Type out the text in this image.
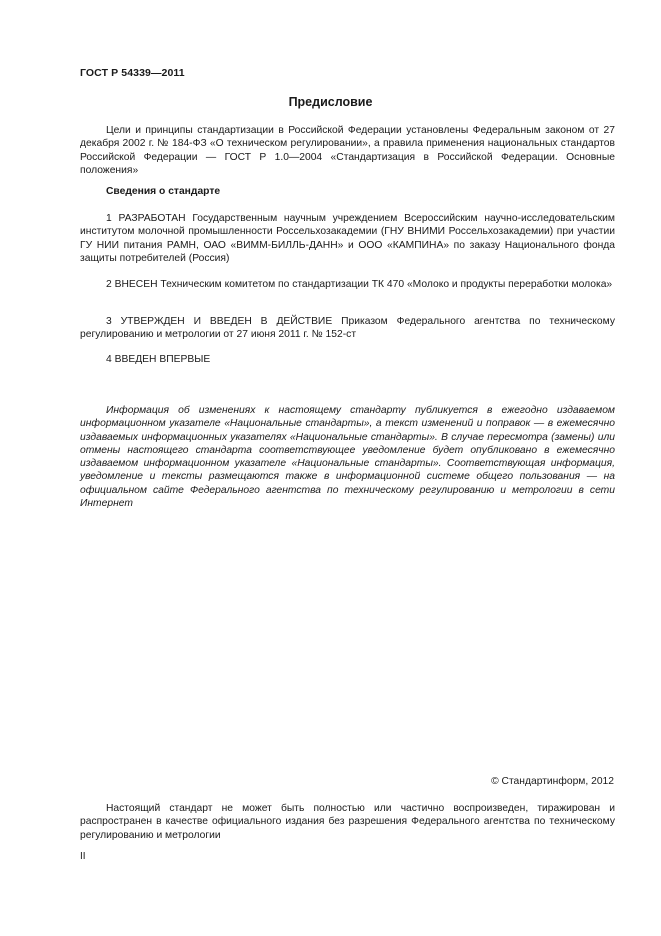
ГОСТ Р 54339—2011
Предисловие

Цели и принципы стандартизации в Российской Федерации установлены Федеральным законом от 27 декабря 2002 г. № 184-ФЗ «О техническом регулировании», а правила применения национальных стандартов Российской Федерации — ГОСТ Р 1.0—2004 «Стандартизация в Российской Федерации. Основные положения»

Сведения о стандарте

1 РАЗРАБОТАН Государственным научным учреждением Всероссийским научно-исследовательским институтом молочной промышленности Россельхозакадемии (ГНУ ВНИМИ Россельхозакадемии) при участии ГУ НИИ питания РАМН, ОАО «ВИММ-БИЛЛЬ-ДАНН» и ООО «КАМПИНА» по заказу Национального фонда защиты потребителей (Россия)

2 ВНЕСЕН Техническим комитетом по стандартизации ТК 470 «Молоко и продукты переработки молока»

3 УТВЕРЖДЕН И ВВЕДЕН В ДЕЙСТВИЕ Приказом Федерального агентства по техническому регулированию и метрологии от 27 июня 2011 г. № 152-ст

4 ВВЕДЕН ВПЕРВЫЕ

Информация об изменениях к настоящему стандарту публикуется в ежегодно издаваемом информационном указателе «Национальные стандарты», а текст изменений и поправок — в ежемесячно издаваемых информационных указателях «Национальные стандарты». В случае пересмотра (замены) или отмены настоящего стандарта соответствующее уведомление будет опубликовано в ежемесячно издаваемом информационном указателе «Национальные стандарты». Соответствующая информация, уведомление и тексты размещаются также в информационной системе общего пользования — на официальном сайте Федерального агентства по техническому регулированию и метрологии в сети Интернет

© Стандартинформ, 2012

Настоящий стандарт не может быть полностью или частично воспроизведен, тиражирован и распространен в качестве официального издания без разрешения Федерального агентства по техническому регулированию и метрологии

II
